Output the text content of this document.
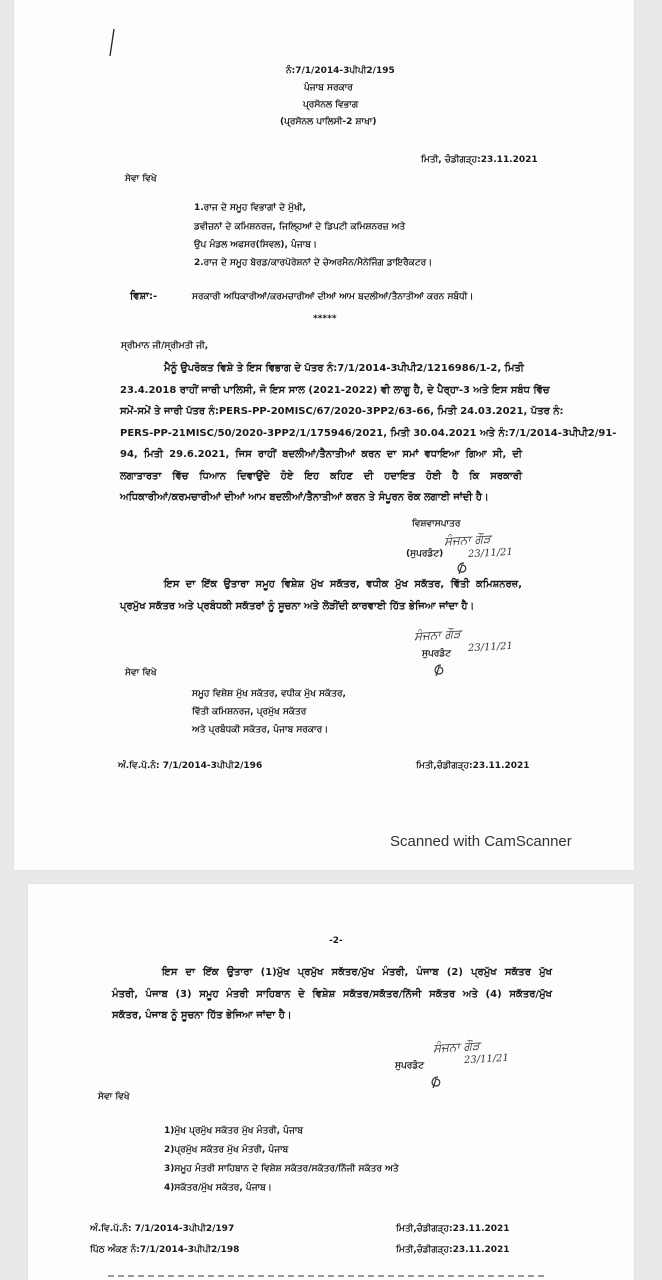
ਨੰ:7/1/2014-3ਪੀਪੀ2/195
ਪੰਜਾਬ ਸਰਕਾਰ
ਪ੍ਰਸੋਨਲ ਵਿਭਾਗ
(ਪ੍ਰਸੋਨਲ ਪਾਲਿਸੀ-2 ਸ਼ਾਖਾ)
ਮਿਤੀ, ਚੰਡੀਗੜ੍ਹ:23.11.2021
ਸੇਵਾ ਵਿਖੇ
1.ਰਾਜ ਦੇ ਸਮੂਹ ਵਿਭਾਗਾਂ ਦੇ ਮੁੱਖੀ,
ਡਵੀਜ਼ਨਾਂ ਦੇ ਕਮਿਸ਼ਨਰਜ, ਜਿਲ੍ਹਿਆਂ ਦੇ ਡਿਪਟੀ ਕਮਿਸ਼ਨਰਜ਼ ਅਤੇ
ਉਪ ਮੰਡਲ ਅਫਸਰ(ਸਿਵਲ), ਪੰਜਾਬ।
2.ਰਾਜ ਦੇ ਸਮੂਹ ਬੋਰਡ/ਕਾਰਪੋਰੇਸ਼ਨਾਂ ਦੇ ਚੇਅਰਮੈਨ/ਮੈਨੇਜਿੰਗ ਡਾਇਰੈਕਟਰ।
ਵਿਸ਼ਾ:-	ਸਰਕਾਰੀ ਅਧਿਕਾਰੀਆਂ/ਕਰਮਚਾਰੀਆਂ ਦੀਆਂ ਆਮ ਬਦਲੀਆਂ/ਤੈਨਾਤੀਆਂ ਕਰਨ ਸਬੰਧੀ।
*****
ਸ੍ਰੀਮਾਨ ਜੀ/ਸ੍ਰੀਮਤੀ ਜੀ,
ਮੈਨੂੰ ਉਪਰੋਕਤ ਵਿਸ਼ੇ ਤੇ ਇਸ ਵਿਭਾਗ ਦੇ ਪੱਤਰ ਨੰ:7/1/2014-3ਪੀਪੀ2/1216986/1-2, ਮਿਤੀ
23.4.2018 ਰਾਹੀਂ ਜਾਰੀ ਪਾਲਿਸੀ, ਜੋ ਇਸ ਸਾਲ (2021-2022) ਵੀ ਲਾਗੂ ਹੈ, ਦੇ ਪੈਰ੍ਹਾ-3 ਅਤੇ ਇਸ ਸਬੰਧ ਵਿੱਚ
ਸਮੇਂ-ਸਮੇਂ ਤੇ ਜਾਰੀ ਪੱਤਰ ਨੰ:PERS-PP-20MISC/67/2020-3PP2/63-66, ਮਿਤੀ 24.03.2021, ਪੱਤਰ ਨੰ:
PERS-PP-21MISC/50/2020-3PP2/1/175946/2021, ਮਿਤੀ 30.04.2021 ਅਤੇ ਨੰ:7/1/2014-3ਪੀਪੀ2/91-
94, ਮਿਤੀ 29.6.2021, ਜਿਸ ਰਾਹੀਂ ਬਦਲੀਆਂ/ਤੈਨਾਤੀਆਂ ਕਰਨ ਦਾ ਸਮਾਂ ਵਧਾਇਆ ਗਿਆ ਸੀ, ਦੀ
ਲਗਾਤਾਰਤਾ ਵਿੱਚ ਧਿਆਨ ਦਿਵਾਉਂਦੇ ਹੋਏ ਇਹ ਕਹਿਣ ਦੀ ਹਦਾਇਤ ਹੋਈ ਹੈ ਕਿ ਸਰਕਾਰੀ
ਅਧਿਕਾਰੀਆਂ/ਕਰਮਚਾਰੀਆਂ ਦੀਆਂ ਆਮ ਬਦਲੀਆਂ/ਤੈਨਾਤੀਆਂ ਕਰਨ ਤੇ ਸੰਪੂਰਨ ਰੋਕ ਲਗਾਈ ਜਾਂਦੀ ਹੈ।
ਵਿਸ਼ਵਾਸਪਾਤਰ
ਸੰਜਨਾ ਗੌੜ
(ਸੁਪਰਡੰਟ) 23/11/21
ਇਸ ਦਾ ਇੱਕ ਉਤਾਰਾ ਸਮੂਹ ਵਿਸ਼ੇਸ਼ ਮੁੱਖ ਸਕੱਤਰ, ਵਧੀਕ ਮੁੱਖ ਸਕੱਤਰ, ਵਿੱਤੀ ਕਮਿਸ਼ਨਰਜ਼,
ਪ੍ਰਮੁੱਖ ਸਕੱਤਰ ਅਤੇ ਪ੍ਰਬੰਧਕੀ ਸਕੱਤਰਾਂ ਨੂੰ ਸੂਚਨਾ ਅਤੇ ਲੋੜੀਂਦੀ ਕਾਰਵਾਈ ਹਿੱਤ ਭੇਜਿਆ ਜਾਂਦਾ ਹੈ।
ਸੰਜਨਾ ਗੌੜ
23/11/21
ਸੁਪਰਡੰਟ
ਸੇਵਾ ਵਿਖੇ
ਸਮੂਹ ਵਿਸ਼ੇਸ਼ ਮੁੱਖ ਸਕੱਤਰ, ਵਧੀਕ ਮੁੱਖ ਸਕੱਤਰ,
ਵਿੱਤੀ ਕਮਿਸ਼ਨਰਜ, ਪ੍ਰਮੁੱਖ ਸਕੱਤਰ
ਅਤੇ ਪ੍ਰਬੰਧਕੀ ਸਕੱਤਰ, ਪੰਜਾਬ ਸਰਕਾਰ।
ਅੰ.ਵਿ.ਪੱ.ਨੰ: 7/1/2014-3ਪੀਪੀ2/196	ਮਿਤੀ,ਚੰਡੀਗੜ੍ਹ:23.11.2021
Scanned with CamScanner
-2-
ਇਸ ਦਾ ਇੱਕ ਉਤਾਰਾ (1)ਮੁੱਖ ਪ੍ਰਮੁੱਖ ਸਕੱਤਰ/ਮੁੱਖ ਮੰਤਰੀ, ਪੰਜਾਬ (2) ਪ੍ਰਮੁੱਖ ਸਕੱਤਰ ਮੁੱਖ
ਮੰਤਰੀ, ਪੰਜਾਬ (3) ਸਮੂਹ ਮੰਤਰੀ ਸਾਹਿਬਾਨ ਦੇ ਵਿਸ਼ੇਸ਼ ਸਕੱਤਰ/ਸਕੱਤਰ/ਨਿੱਜੀ ਸਕੱਤਰ ਅਤੇ (4) ਸਕੱਤਰ/ਮੁੱਖ
ਸਕੱਤਰ, ਪੰਜਾਬ ਨੂੰ ਸੂਚਨਾ ਹਿੱਤ ਭੇਜਿਆ ਜਾਂਦਾ ਹੈ।
ਸੰਜਨਾ ਗੌੜ
23/11/21
ਸੁਪਰਡੰਟ
ਸੇਵਾ ਵਿਖੇ
1)ਮੁੱਖ ਪ੍ਰਮੁੱਖ ਸਕੱਤਰ ਮੁੱਖ ਮੰਤਰੀ, ਪੰਜਾਬ
2)ਪ੍ਰਮੁੱਖ ਸਕੱਤਰ ਮੁੱਖ ਮੰਤਰੀ, ਪੰਜਾਬ
3)ਸਮੂਹ ਮੰਤਰੀ ਸਾਹਿਬਾਨ ਦੇ ਵਿਸ਼ੇਸ਼ ਸਕੱਤਰ/ਸਕੱਤਰ/ਨਿੱਜੀ ਸਕੱਤਰ ਅਤੇ
4)ਸਕੱਤਰ/ਮੁੱਖ ਸਕੱਤਰ, ਪੰਜਾਬ।
ਅੰ.ਵਿ.ਪੱ.ਨੰ: 7/1/2014-3ਪੀਪੀ2/197	ਮਿਤੀ,ਚੰਡੀਗੜ੍ਹ:23.11.2021
ਪਿੱਠ ਅੰਕਣ ਨੰ:7/1/2014-3ਪੀਪੀ2/198	ਮਿਤੀ,ਚੰਡੀਗੜ੍ਹ:23.11.2021
